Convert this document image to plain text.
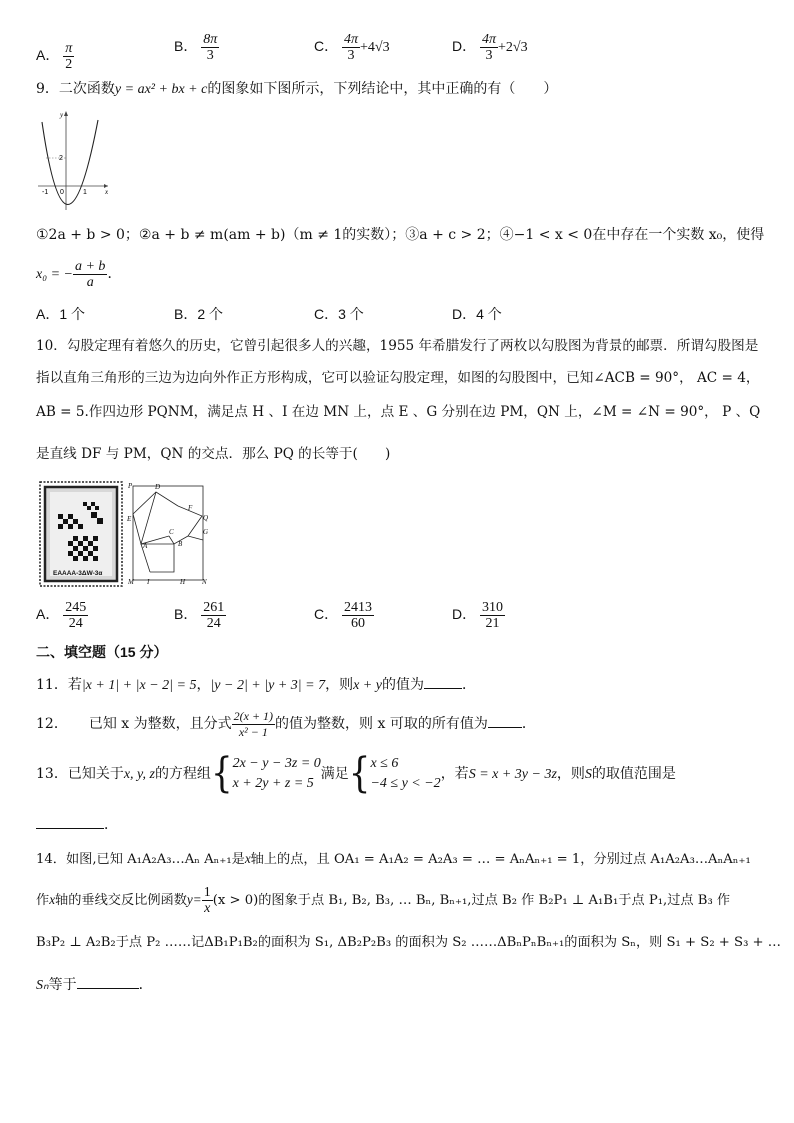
A． $\frac{\pi}{2}$	B． $\frac{8\pi}{3}$	C． $\frac{4\pi}{3} +4√3$	D． $\frac{4\pi}{3} +2√3$
9．二次函数y = ax² + bx + c的图象如下图所示，下列结论中，其中正确的有（　　）
y
x
-1 0	1
2
①2a + b > 0；②a + b ≠ m(am + b)（m ≠ 1的实数）；③a + c > 2；④−1 < x < 0在中存在一个实数 x₀，使得
x₀ = − $\frac{a + b}{a}$ ．
A．1 个	B．2 个	C．3 个	D．4 个
10．勾股定理有着悠久的历史，它曾引起很多人的兴趣，1955 年希腊发行了两枚以勾股图为背景的邮票．所谓勾股图是
指以直角三角形的三边为边向外作正方形构成，它可以验证勾股定理，如图的勾股图中，已知∠ACB = 90°， AC = 4，
AB = 5.作四边形 PQNM，满足点 H 、I 在边 MN 上，点 E 、G 分别在边 PM，QN 上，∠M = ∠N = 90°， P 、Q
是直线 DF 与 PM，QN 的交点．那么 PQ 的长等于(　　)
EAAAA-3ΔW-3α
P	D
F
Q
E
C	G
A	B
M I	H N
A． $\frac{245}{24}$	B． $\frac{261}{24}$	C． $\frac{2413}{60}$	D． $\frac{310}{21}$
二、填空题（15 分）
11．若|x + 1| + |x − 2| = 5，|y − 2| + |y + 3| = 7，则x + y的值为	．
12．　　已知 x 为整数，且分式 $\frac{2(x + 1)}{\text{x² − 1}}$ 的值为整数，则 x 可取的所有值为 ．
13．已知关于x, y, z的方程组{ 2x − y − 3z = 0
x + 2y + z = 5
满足{ x ≤ 6
−4 ≤ y < −2
，若S = x + 3y − 3z，则S的取值范围是
．
14．如图,已知 A₁A₂A₃…Aₙ Aₙ₊₁是x轴上的点，且 OA₁ = A₁A₂ = A₂A₃ = … = AₙAₙ₊₁ = 1，分别过点 A₁A₂A₃…AₙAₙ₊₁
作x轴的垂线交反比例函数$y= \frac{1}{x} (x > 0)$的图象于点 B₁, B₂, B₃, … Bₙ, Bₙ₊₁,过点 B₂ 作 B₂P₁ ⊥ A₁B₁于点 P₁,过点 B₃ 作
B₃P₂ ⊥ A₂B₂于点 P₂ ……记ΔB₁P₁B₂的面积为 S₁, ΔB₂P₂B₃ 的面积为 S₂ ……ΔBₙPₙBₙ₊₁的面积为 Sₙ，则 S₁ + S₂ + S₃ + …
Sₙ等于	．
